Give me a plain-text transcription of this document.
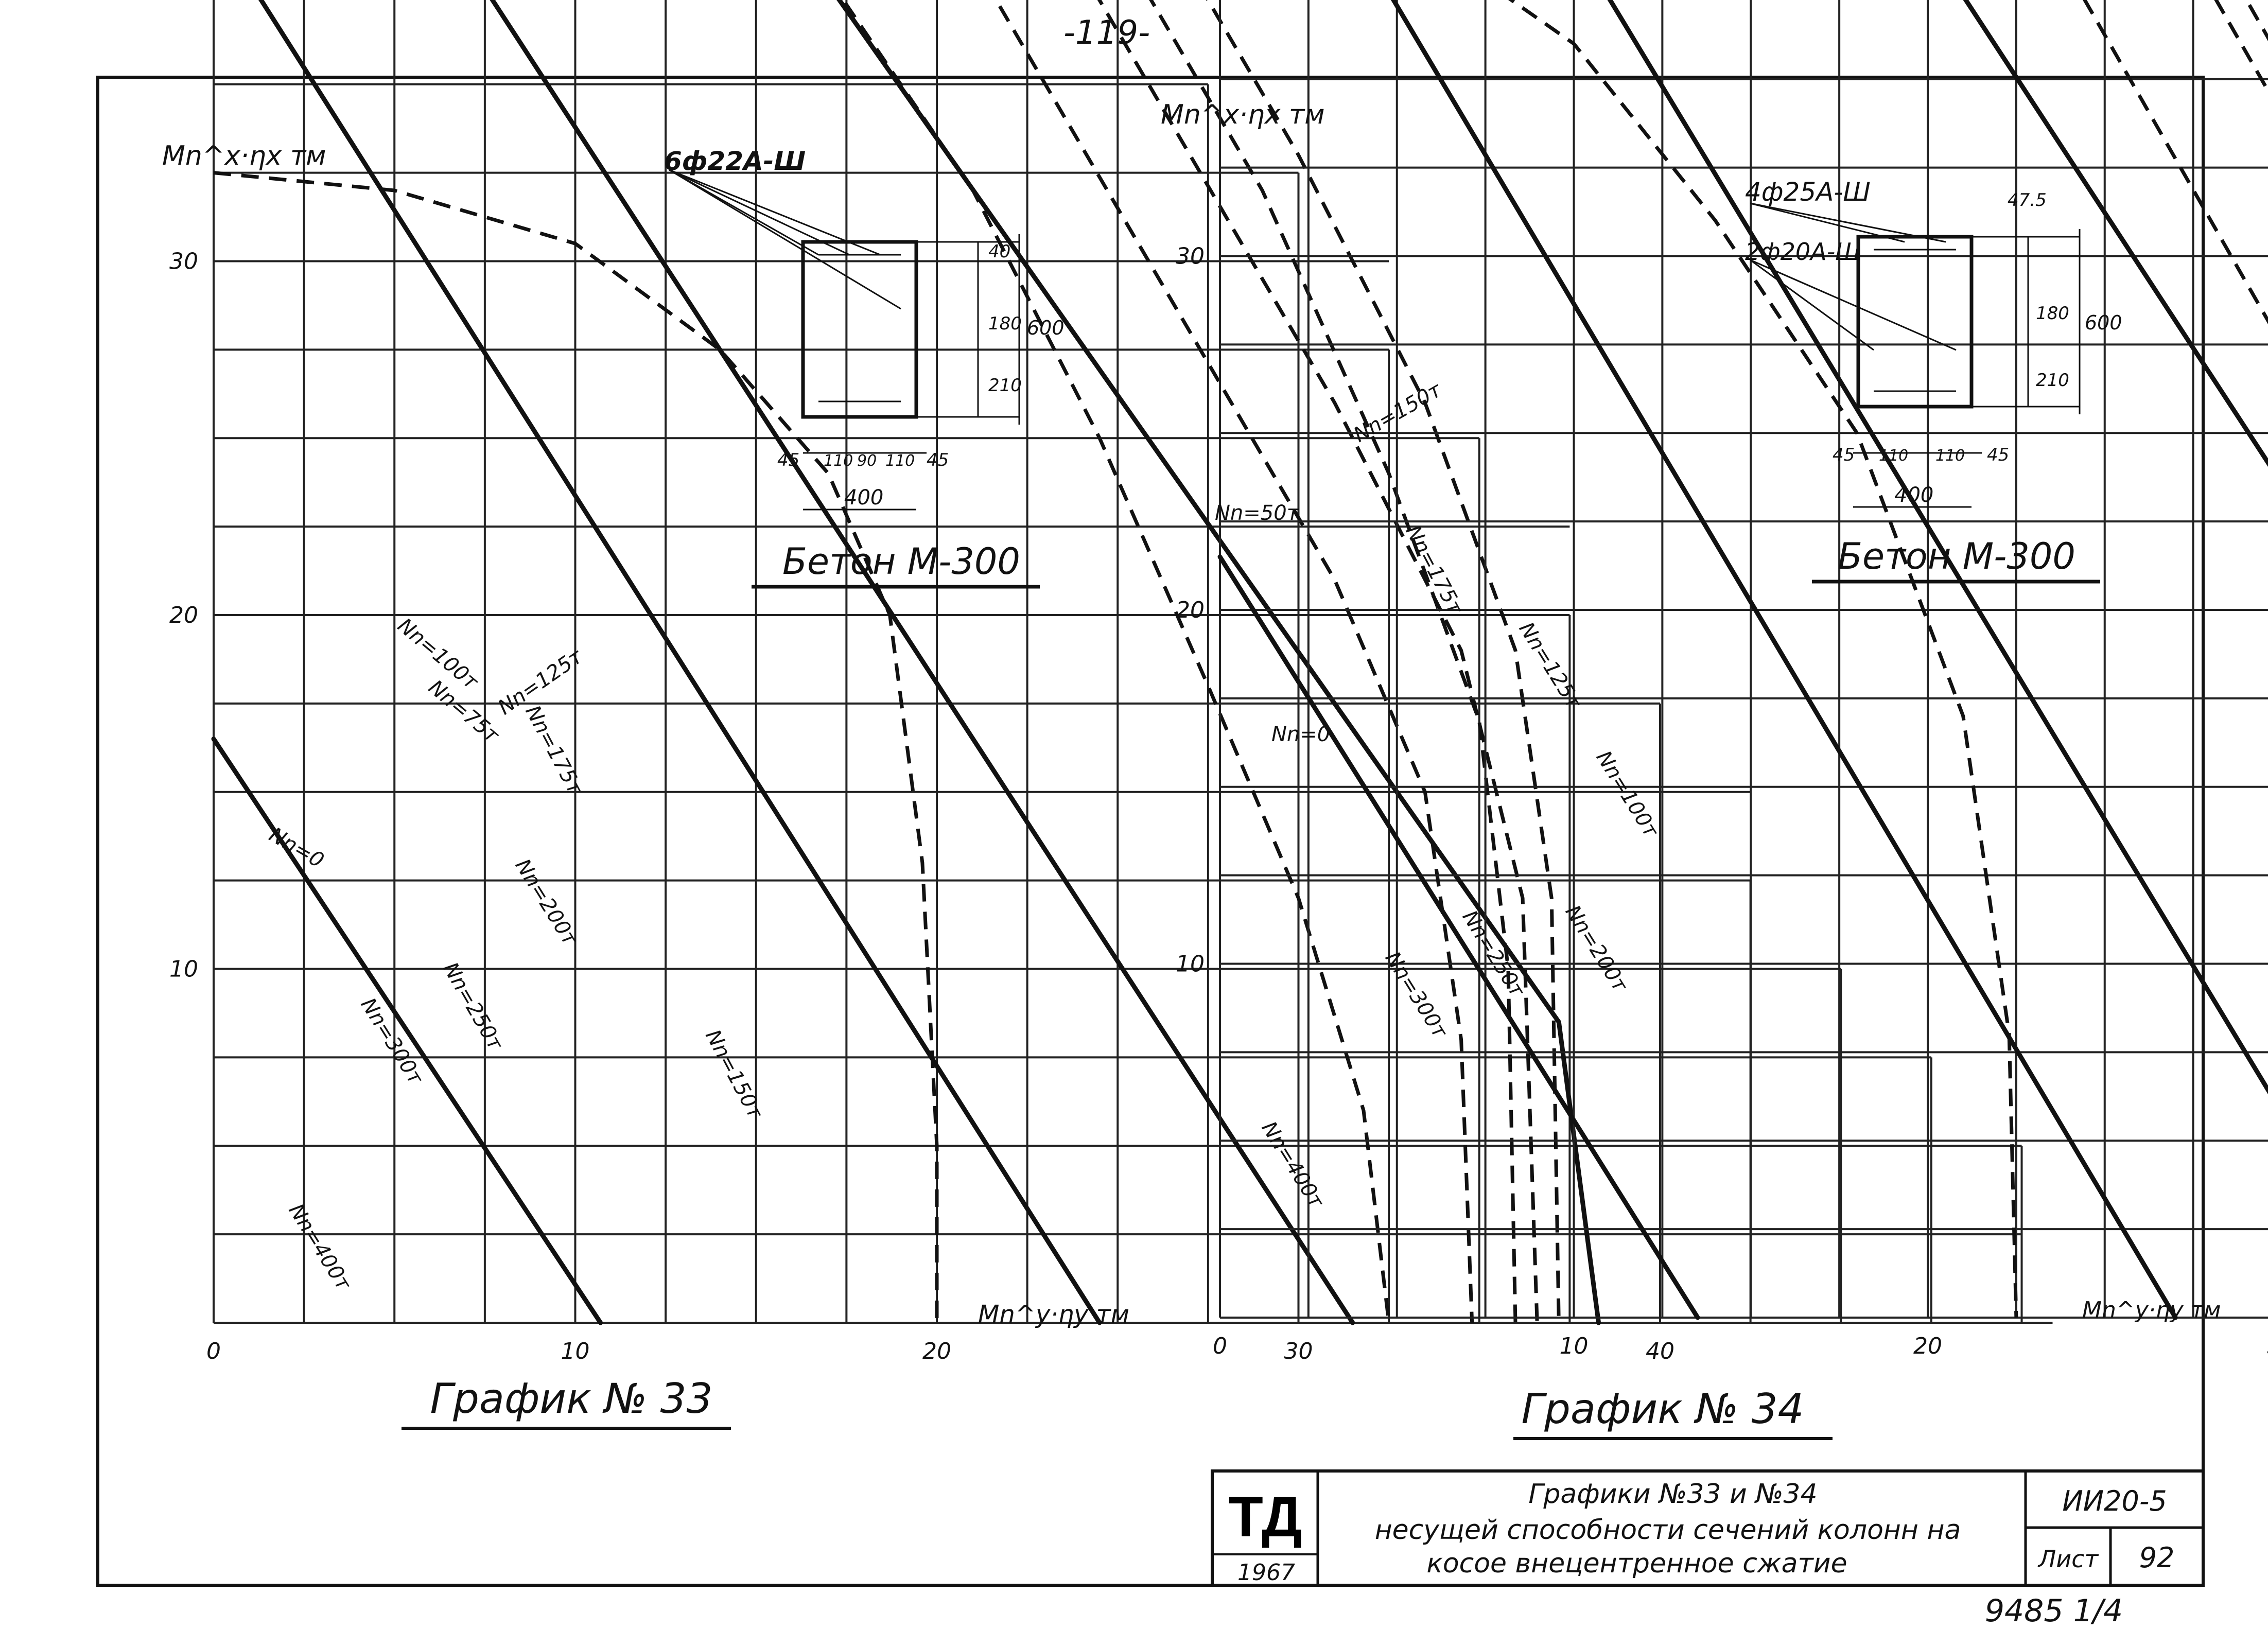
-119-
0	10	20	30	40
10
20
30
Nn=400т
Nn=300т Nn=250т
Nn=200т
Nn=175т
Nn=150т
Nn=125т
Nn=100т
Nn=75т
Nn=0
Mn^x·ηx тм
Mn^y·ηy тм
График № 33
6ф22А-Ш
40
180
210
600
45 110 90 110 45
400
Бетон М-300
0	10	20
10
20
30
Nn=400т
Nn=300т Nn=250т Nn=200т
Nn=175т
Nn=150т
Nn=125т
Nn=100т
Nn=50т
Nn=0
Mn^x·ηx тм
Mn^y·ηy тм
График № 34
4ф25А-Ш
2ф20А-Ш
47.5
180
210
600
45 110 110 45
400
Бетон М-300
ТД
1967
Графики №33 и №34
несущей способности сечений колонн на
косое внецентренное сжатие
ИИ20-5
Лист 92
9485 1/4
